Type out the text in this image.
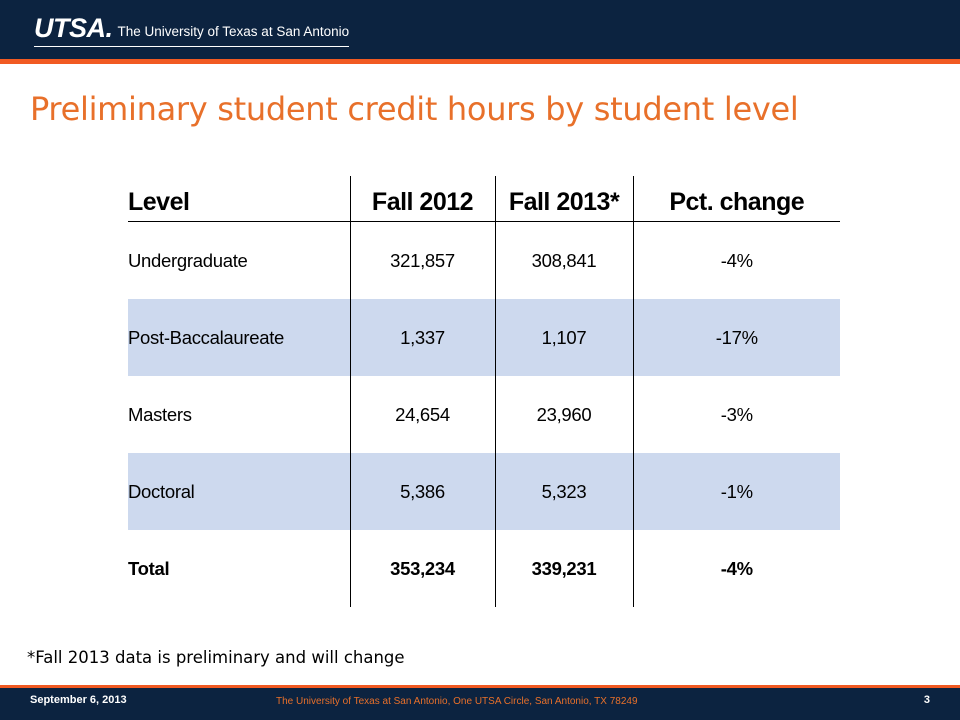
UTSA. The University of Texas at San Antonio
Preliminary student credit hours by student level
Level	Fall 2012	Fall 2013*	Pct. change
Undergraduate	321,857	308,841	-4%
Post-Baccalaureate	1,337	1,107	-17%
Masters	24,654	23,960	-3%
Doctoral	5,386	5,323	-1%
Total	353,234	339,231	-4%

*Fall 2013 data is preliminary and will change

September 6, 2013	The University of Texas at San Antonio, One UTSA Circle, San Antonio, TX 78249	3
